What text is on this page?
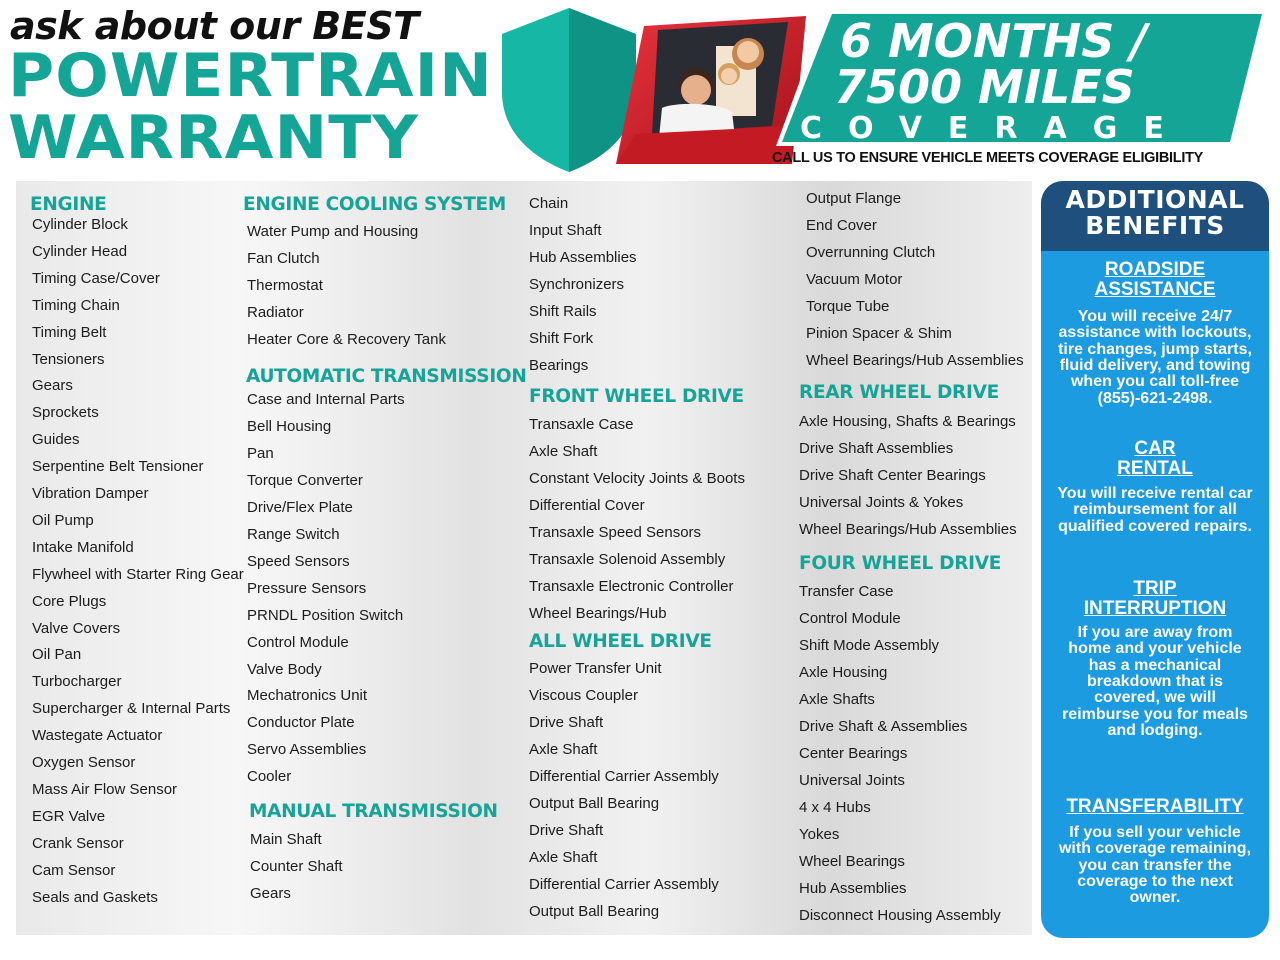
ask about our BEST
POWERTRAIN
WARRANTY
6 MONTHS /
7500 MILES
COVERAGE
CALL US TO ENSURE VEHICLE MEETS COVERAGE ELIGIBILITY
ENGINE
Cylinder Block
Cylinder Head
Timing Case/Cover
Timing Chain
Timing Belt
Tensioners
Gears
Sprockets
Guides
Serpentine Belt Tensioner
Vibration Damper
Oil Pump
Intake Manifold
Flywheel with Starter Ring Gear
Core Plugs
Valve Covers
Oil Pan
Turbocharger
Supercharger & Internal Parts
Wastegate Actuator
Oxygen Sensor
Mass Air Flow Sensor
EGR Valve
Crank Sensor
Cam Sensor
Seals and Gaskets
ENGINE COOLING SYSTEM
Water Pump and Housing
Fan Clutch
Thermostat
Radiator
Heater Core & Recovery Tank
AUTOMATIC TRANSMISSION
Case and Internal Parts
Bell Housing
Pan
Torque Converter
Drive/Flex Plate
Range Switch
Speed Sensors
Pressure Sensors
PRNDL Position Switch
Control Module
Valve Body
Mechatronics Unit
Conductor Plate
Servo Assemblies
Cooler
MANUAL TRANSMISSION
Main Shaft
Counter Shaft
Gears
Chain
Input Shaft
Hub Assemblies
Synchronizers
Shift Rails
Shift Fork
Bearings
FRONT WHEEL DRIVE
Transaxle Case
Axle Shaft
Constant Velocity Joints & Boots
Differential Cover
Transaxle Speed Sensors
Transaxle Solenoid Assembly
Transaxle Electronic Controller
Wheel Bearings/Hub
ALL WHEEL DRIVE
Power Transfer Unit
Viscous Coupler
Drive Shaft
Axle Shaft
Differential Carrier Assembly
Output Ball Bearing
Drive Shaft
Axle Shaft
Differential Carrier Assembly
Output Ball Bearing
Output Flange
End Cover
Overrunning Clutch
Vacuum Motor
Torque Tube
Pinion Spacer & Shim
Wheel Bearings/Hub Assemblies
REAR WHEEL DRIVE
Axle Housing, Shafts & Bearings
Drive Shaft Assemblies
Drive Shaft Center Bearings
Universal Joints & Yokes
Wheel Bearings/Hub Assemblies
FOUR WHEEL DRIVE
Transfer Case
Control Module
Shift Mode Assembly
Axle Housing
Axle Shafts
Drive Shaft & Assemblies
Center Bearings
Universal Joints
4 x 4 Hubs
Yokes
Wheel Bearings
Hub Assemblies
Disconnect Housing Assembly
ADDITIONAL
BENEFITS
ROADSIDE
ASSISTANCE
You will receive 24/7
assistance with lockouts,
tire changes, jump starts,
fluid delivery, and towing
when you call toll-free
(855)-621-2498.
CAR
RENTAL
You will receive rental car
reimbursement for all
qualified covered repairs.
TRIP
INTERRUPTION
If you are away from
home and your vehicle
has a mechanical
breakdown that is
covered, we will
reimburse you for meals
and lodging.
TRANSFERABILITY
If you sell your vehicle
with coverage remaining,
you can transfer the
coverage to the next
owner.
